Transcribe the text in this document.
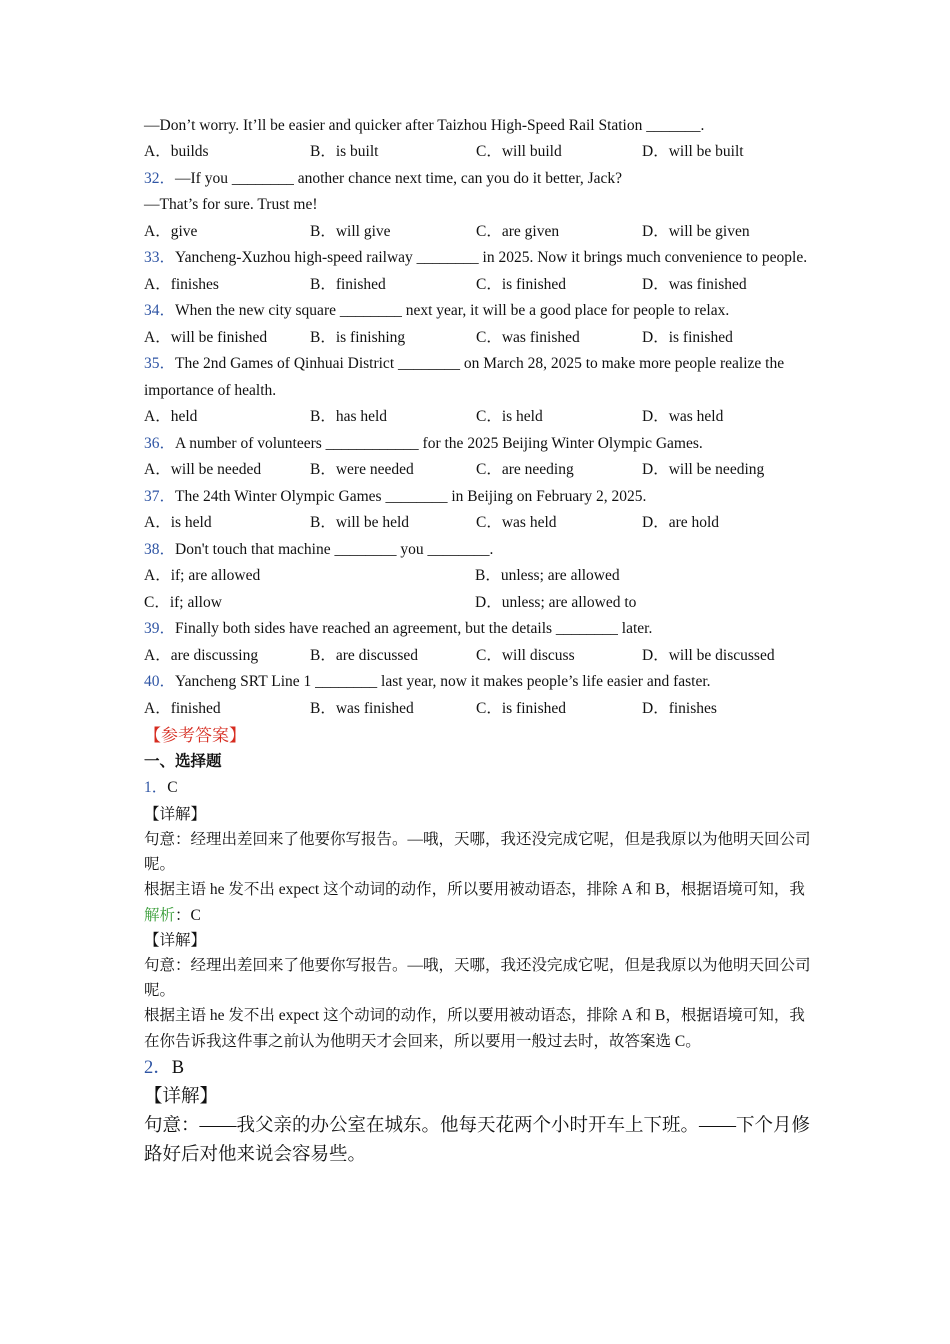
—Don’t worry. It’ll be easier and quicker after Taizhou High-Speed Rail Station _______.
A．builds	B．is built	C．will build	D．will be built
32．—If you ________ another chance next time, can you do it better, Jack?
—That’s for sure. Trust me!
A．give	B．will give	C．are given	D．will be given
33．Yancheng-Xuzhou high-speed railway ________ in 2025. Now it brings much convenience to people.
A．finishes	B．finished	C．is finished	D．was finished
34．When the new city square ________ next year, it will be a good place for people to relax.
A．will be finished	B．is finishing	C．was finished	D．is finished
35．The 2nd Games of Qinhuai District ________ on March 28, 2025 to make more people realize the importance of health.
A．held	B．has held	C．is held	D．was held
36．A number of volunteers ____________ for the 2025 Beijing Winter Olympic Games.
A．will be needed	B．were needed	C．are needing	D．will be needing
37．The 24th Winter Olympic Games ________ in Beijing on February 2, 2025.
A．is held	B．will be held	C．was held	D．are hold
38．Don't touch that machine ________ you ________.
A．if; are allowed	B．unless; are allowed
C．if; allow	D．unless; are allowed to
39．Finally both sides have reached an agreement, but the details ________ later.
A．are discussing	B．are discussed	C．will discuss	D．will be discussed
40．Yancheng SRT Line 1 ________ last year, now it makes people’s life easier and faster.
A．finished	B．was finished	C．is finished	D．finishes
【参考答案】
一、选择题
1．C
【详解】
句意：经理出差回来了他要你写报告。—哦，天哪，我还没完成它呢，但是我原以为他明天回公司呢。
根据主语 he 发不出 expect 这个动词的动作，所以要用被动语态，排除 A 和 B，根据语境可知，我
解析：C
【详解】
句意：经理出差回来了他要你写报告。—哦，天哪，我还没完成它呢，但是我原以为他明天回公司呢。
根据主语 he 发不出 expect 这个动词的动作，所以要用被动语态，排除 A 和 B，根据语境可知，我在你告诉我这件事之前认为他明天才会回来，所以要用一般过去时，故答案选 C。
2．B
【详解】
句意：——我父亲的办公室在城东。他每天花两个小时开车上下班。——下个月修路好后对他来说会容易些。
